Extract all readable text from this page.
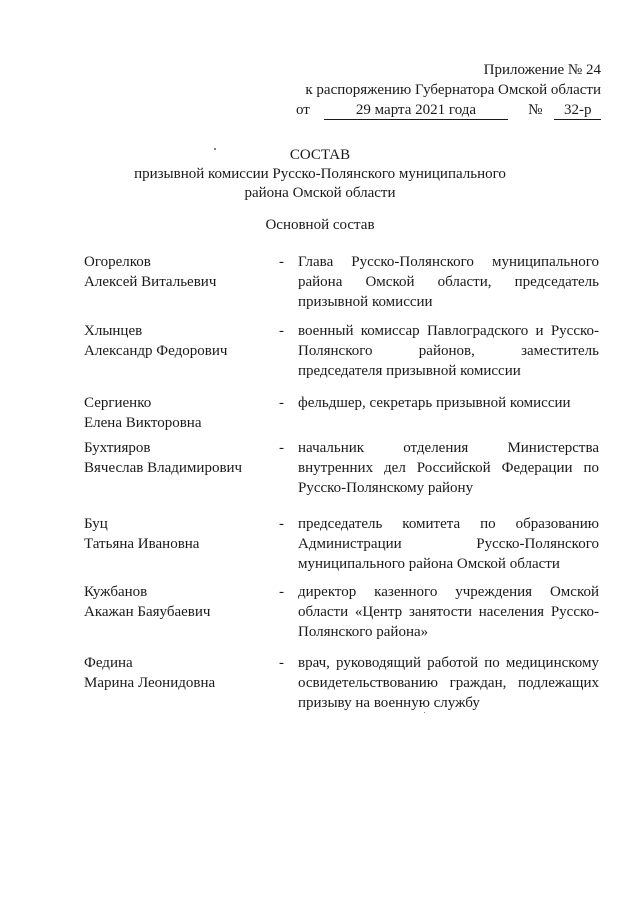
Приложение № 24
к распоряжению Губернатора Омской области
от	29 марта 2021 года	№	32-р
СОСТАВ
призывной комиссии Русско-Полянского муниципального
района Омской области
Основной состав
Огорелков
Алексей Витальевич
- Глава Русско-Полянского муниципального района Омской области, председатель призывной комиссии
Хлынцев
Александр Федорович
- военный комиссар Павлоградского и Русско-Полянского районов, заместитель председателя призывной комиссии
Сергиенко
Елена Викторовна
- фельдшер, секретарь призывной комиссии
Бухтияров
Вячеслав Владимирович
- начальник отделения Министерства внутренних дел Российской Федерации по Русско-Полянскому району
Буц
Татьяна Ивановна
- председатель комитета по образованию Администрации Русско-Полянского муниципального района Омской области
Кужбанов
Акажан Баяубаевич
- директор казенного учреждения Омской области «Центр занятости населения Русско-Полянского района»
Федина
Марина Леонидовна
- врач, руководящий работой по медицинскому освидетельствованию граждан, подлежащих призыву на военную службу
